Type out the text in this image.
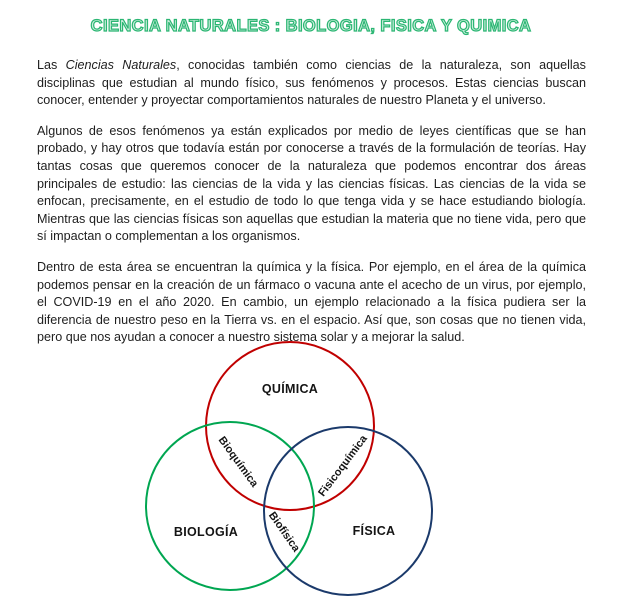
CIENCIA NATURALES : BIOLOGIA, FISICA Y QUIMICA

Las Ciencias Naturales, conocidas también como ciencias de la naturaleza, son aquellas disciplinas que estudian al mundo físico, sus fenómenos y procesos. Estas ciencias buscan conocer, entender y proyectar comportamientos naturales de nuestro Planeta y el universo.

Algunos de esos fenómenos ya están explicados por medio de leyes científicas que se han probado, y hay otros que todavía están por conocerse a través de la formulación de teorías. Hay tantas cosas que queremos conocer de la naturaleza que podemos encontrar dos áreas principales de estudio: las ciencias de la vida y las ciencias físicas. Las ciencias de la vida se enfocan, precisamente, en el estudio de todo lo que tenga vida y se hace estudiando biología. Mientras que las ciencias físicas son aquellas que estudian la materia que no tiene vida, pero que sí impactan o complementan a los organismos.

Dentro de esta área se encuentran la química y la física. Por ejemplo, en el área de la química podemos pensar en la creación de un fármaco o vacuna ante el acecho de un virus, por ejemplo, el COVID-19 en el año 2020. En cambio, un ejemplo relacionado a la física pudiera ser la diferencia de nuestro peso en la Tierra vs. en el espacio. Así que, son cosas que no tienen vida, pero que nos ayudan a conocer a nuestro sistema solar y a mejorar la salud.

QUÍMICA
BIOLOGÍA	FÍSICA
Bioquímica	Fisicoquímica
Biofísica
